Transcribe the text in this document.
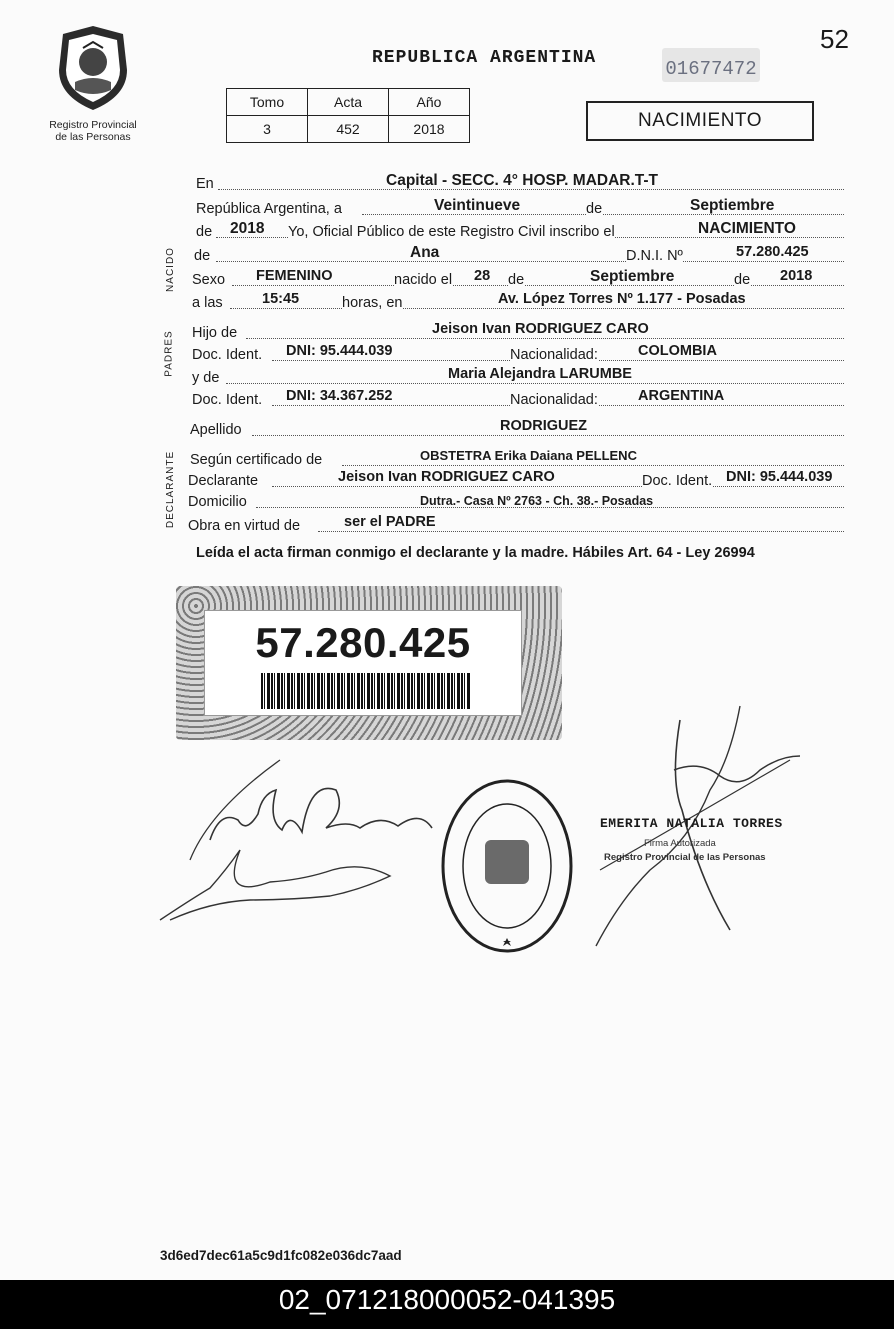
52
Registro Provincial
de las Personas
REPUBLICA ARGENTINA	01677472
Tomo	Acta	Año
3	452	2018	NACIMIENTO
NACIDO
PADRES
DECLARANTE
En	Capital - SECC. 4° HOSP. MADAR.T-T
República Argentina, a	Veintinueve	de	Septiembre
de 2018 Yo, Oficial Público de este Registro Civil inscribo el	NACIMIENTO
de	Ana	D.N.I. Nº	57.280.425
Sexo FEMENINO	nacido el 28 de	Septiembre	de 2018
a las	15:45	horas, en	Av. López Torres Nº 1.177 - Posadas
Hijo de	Jeison Ivan RODRIGUEZ CARO
Doc. Ident. DNI: 95.444.039	Nacionalidad:	COLOMBIA
y de	Maria Alejandra LARUMBE
Doc. Ident. DNI: 34.367.252	Nacionalidad:	ARGENTINA
Apellido	RODRIGUEZ
Según certificado de	OBSTETRA Erika Daiana PELLENC
Declarante	Jeison Ivan RODRIGUEZ CARO	Doc. Ident. DNI: 95.444.039
Domicilio	Dutra.- Casa Nº 2763 - Ch. 38.- Posadas
Obra en virtud de	ser el PADRE
Leída el acta firman conmigo el declarante y la madre. Hábiles Art. 64 - Ley 26994
57.280.425
EMERITA NATALIA TORRES
Firma Autorizada
Registro Provincial de las Personas
3d6ed7dec61a5c9d1fc082e036dc7aad
02_071218000052-041395
